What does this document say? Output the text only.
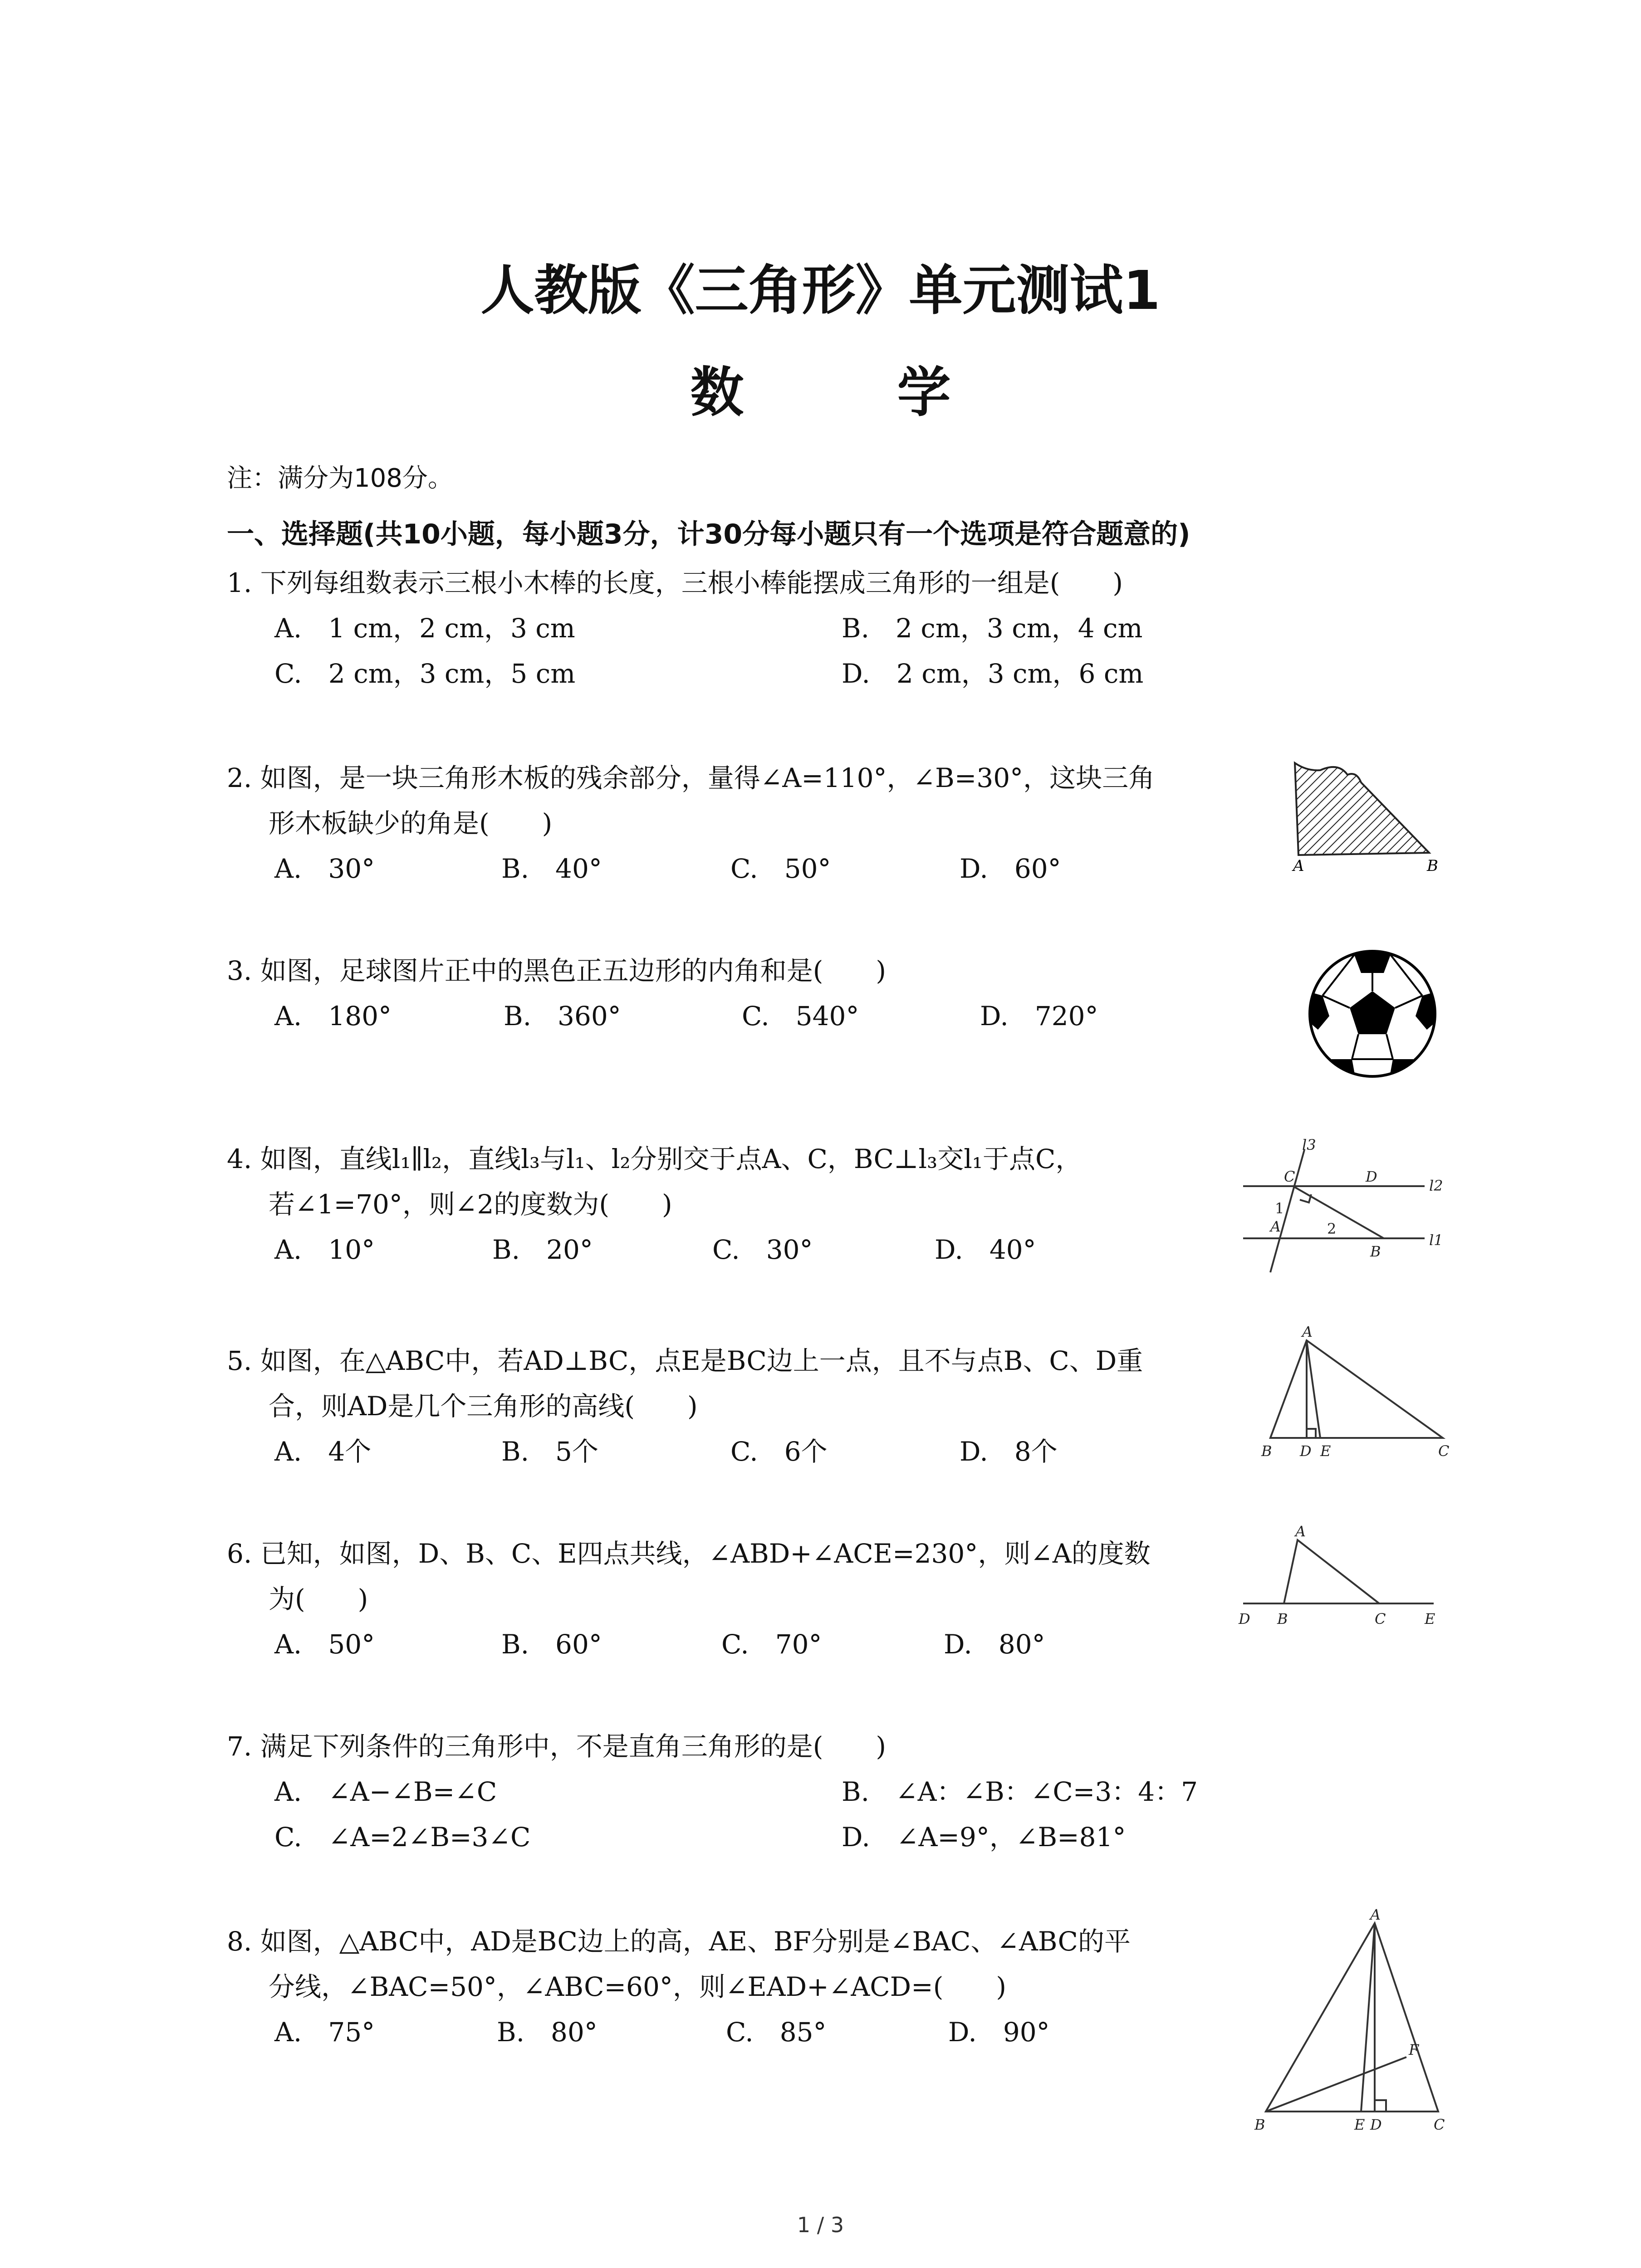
人教版《三角形》单元测试1
数　学
注：满分为108分。
一、选择题(共10小题，每小题3分，计30分每小题只有一个选项是符合题意的)

1. 下列每组数表示三根小木棒的长度，三根小棒能摆成三角形的一组是(　　)

A.　1 cm，2 cm，3 cm	B.　2 cm，3 cm，4 cm
C.　2 cm，3 cm，5 cm	D.　2 cm，3 cm，6 cm

2. 如图，是一块三角形木板的残余部分，量得∠A=110°，∠B=30°，这块三角
形木板缺少的角是(　　)

A.　30°	B.　40°	C.　50°	D.　60°

3. 如图，足球图片正中的黑色正五边形的内角和是(　　)

A.　180°	B.　360°	C.　540°	D.　720°

4. 如图，直线l₁∥l₂，直线l₃与l₁、l₂分别交于点A、C，BC⊥l₃交l₁于点C，
若∠1=70°，则∠2的度数为(　　)

A.　10°	B.　20°	C.　30°	D.　40°

5. 如图，在△ABC中，若AD⊥BC，点E是BC边上一点，且不与点B、C、D重
合，则AD是几个三角形的高线(　　)

A.　4个	B.　5个	C.　6个	D.　8个

6. 已知，如图，D、B、C、E四点共线，∠ABD+∠ACE=230°，则∠A的度数
为(　　)

A.　50°	B.　60°	C.　70°	D.　80°

7. 满足下列条件的三角形中，不是直角三角形的是(　　)

A.　∠A−∠B=∠C	B.　∠A：∠B：∠C=3：4：7
C.　∠A=2∠B=3∠C	D.　∠A=9°，∠B=81°

8. 如图，△ABC中，AD是BC边上的高，AE、BF分别是∠BAC、∠ABC的平
分线，∠BAC=50°，∠ABC=60°，则∠EAD+∠ACD=(　　)

A.　75°	B.　80°	C.　85°	D.　90°
A	B
l3
C	D
l2
1
A	2
B
l1
A
B D E	C
A
D B	C	E
A
F
B	E D	C
1 / 3
